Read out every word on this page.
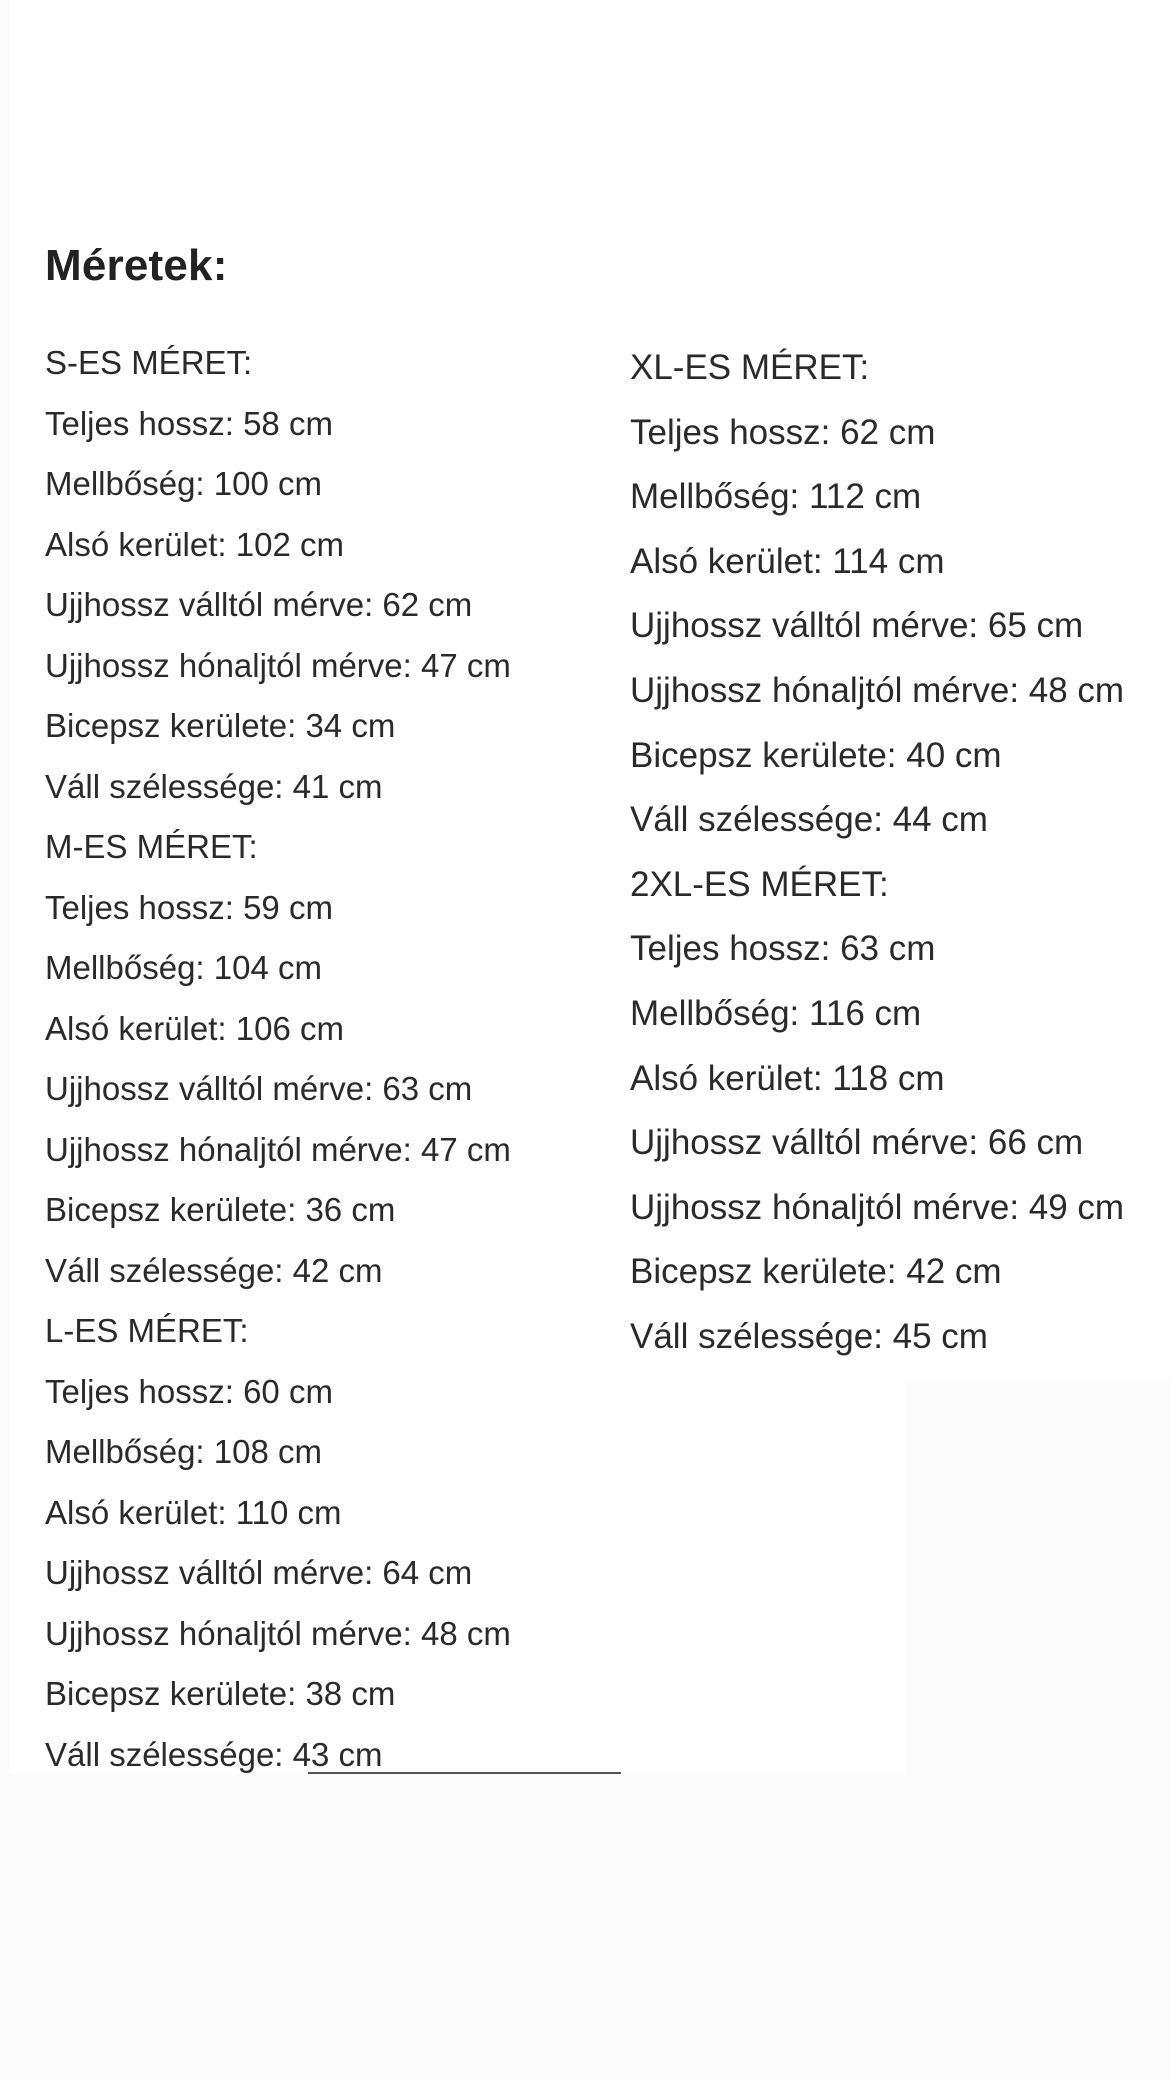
Méretek:
S-ES MÉRET:
Teljes hossz: 58 cm
Mellbőség: 100 cm
Alsó kerület: 102 cm
Ujjhossz válltól mérve: 62 cm
Ujjhossz hónaljtól mérve: 47 cm
Bicepsz kerülete: 34 cm
Váll szélessége: 41 cm
M-ES MÉRET:
Teljes hossz: 59 cm
Mellbőség: 104 cm
Alsó kerület: 106 cm
Ujjhossz válltól mérve: 63 cm
Ujjhossz hónaljtól mérve: 47 cm
Bicepsz kerülete: 36 cm
Váll szélessége: 42 cm
L-ES MÉRET:
Teljes hossz: 60 cm
Mellbőség: 108 cm
Alsó kerület: 110 cm
Ujjhossz válltól mérve: 64 cm
Ujjhossz hónaljtól mérve: 48 cm
Bicepsz kerülete: 38 cm
Váll szélessége: 43 cm
XL-ES MÉRET:
Teljes hossz: 62 cm
Mellbőség: 112 cm
Alsó kerület: 114 cm
Ujjhossz válltól mérve: 65 cm
Ujjhossz hónaljtól mérve: 48 cm
Bicepsz kerülete: 40 cm
Váll szélessége: 44 cm
2XL-ES MÉRET:
Teljes hossz: 63 cm
Mellbőség: 116 cm
Alsó kerület: 118 cm
Ujjhossz válltól mérve: 66 cm
Ujjhossz hónaljtól mérve: 49 cm
Bicepsz kerülete: 42 cm
Váll szélessége: 45 cm
